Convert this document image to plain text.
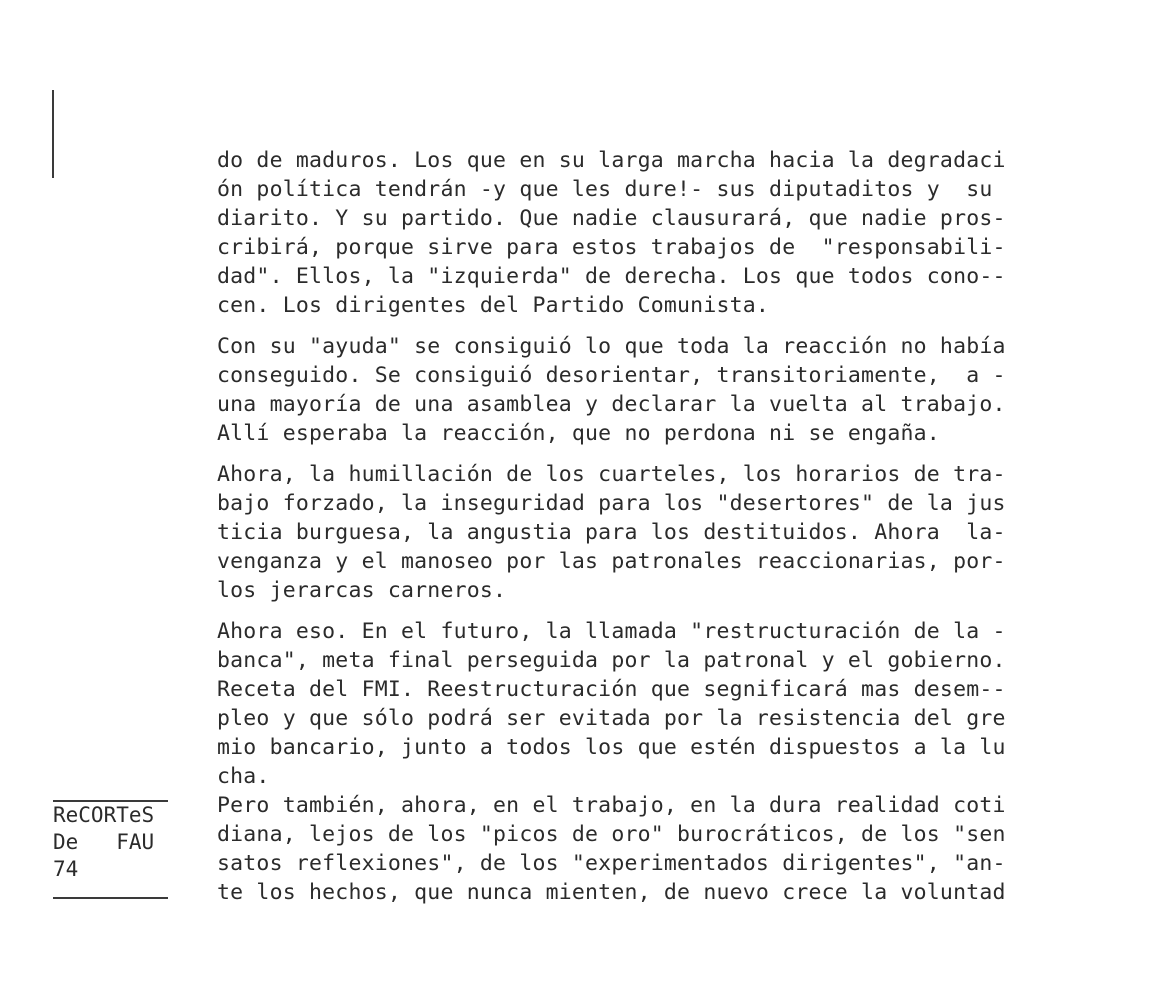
do de maduros. Los que en su larga marcha hacia la degradaci
ón política tendrán -y que les dure!- sus diputaditos y  su
diarito. Y su partido. Que nadie clausurará, que nadie pros-
cribirá, porque sirve para estos trabajos de  "responsabili-
dad". Ellos, la "izquierda" de derecha. Los que todos cono--
cen. Los dirigentes del Partido Comunista.
Con su "ayuda" se consiguió lo que toda la reacción no había
conseguido. Se consiguió desorientar, transitoriamente,  a -
una mayoría de una asamblea y declarar la vuelta al trabajo.
Allí esperaba la reacción, que no perdona ni se engaña.
Ahora, la humillación de los cuarteles, los horarios de tra-
bajo forzado, la inseguridad para los "desertores" de la jus
ticia burguesa, la angustia para los destituidos. Ahora  la-
venganza y el manoseo por las patronales reaccionarias, por-
los jerarcas carneros.
Ahora eso. En el futuro, la llamada "restructuración de la -
banca", meta final perseguida por la patronal y el gobierno.
Receta del FMI. Reestructuración que segnificará mas desem--
pleo y que sólo podrá ser evitada por la resistencia del gre
mio bancario, junto a todos los que estén dispuestos a la lu
cha.
Pero también, ahora, en el trabajo, en la dura realidad coti
diana, lejos de los "picos de oro" burocráticos, de los "sen
satos reflexiones", de los "experimentados dirigentes", "an-
te los hechos, que nunca mienten, de nuevo crece la voluntad
ReCORTeS
De   FAU
74
